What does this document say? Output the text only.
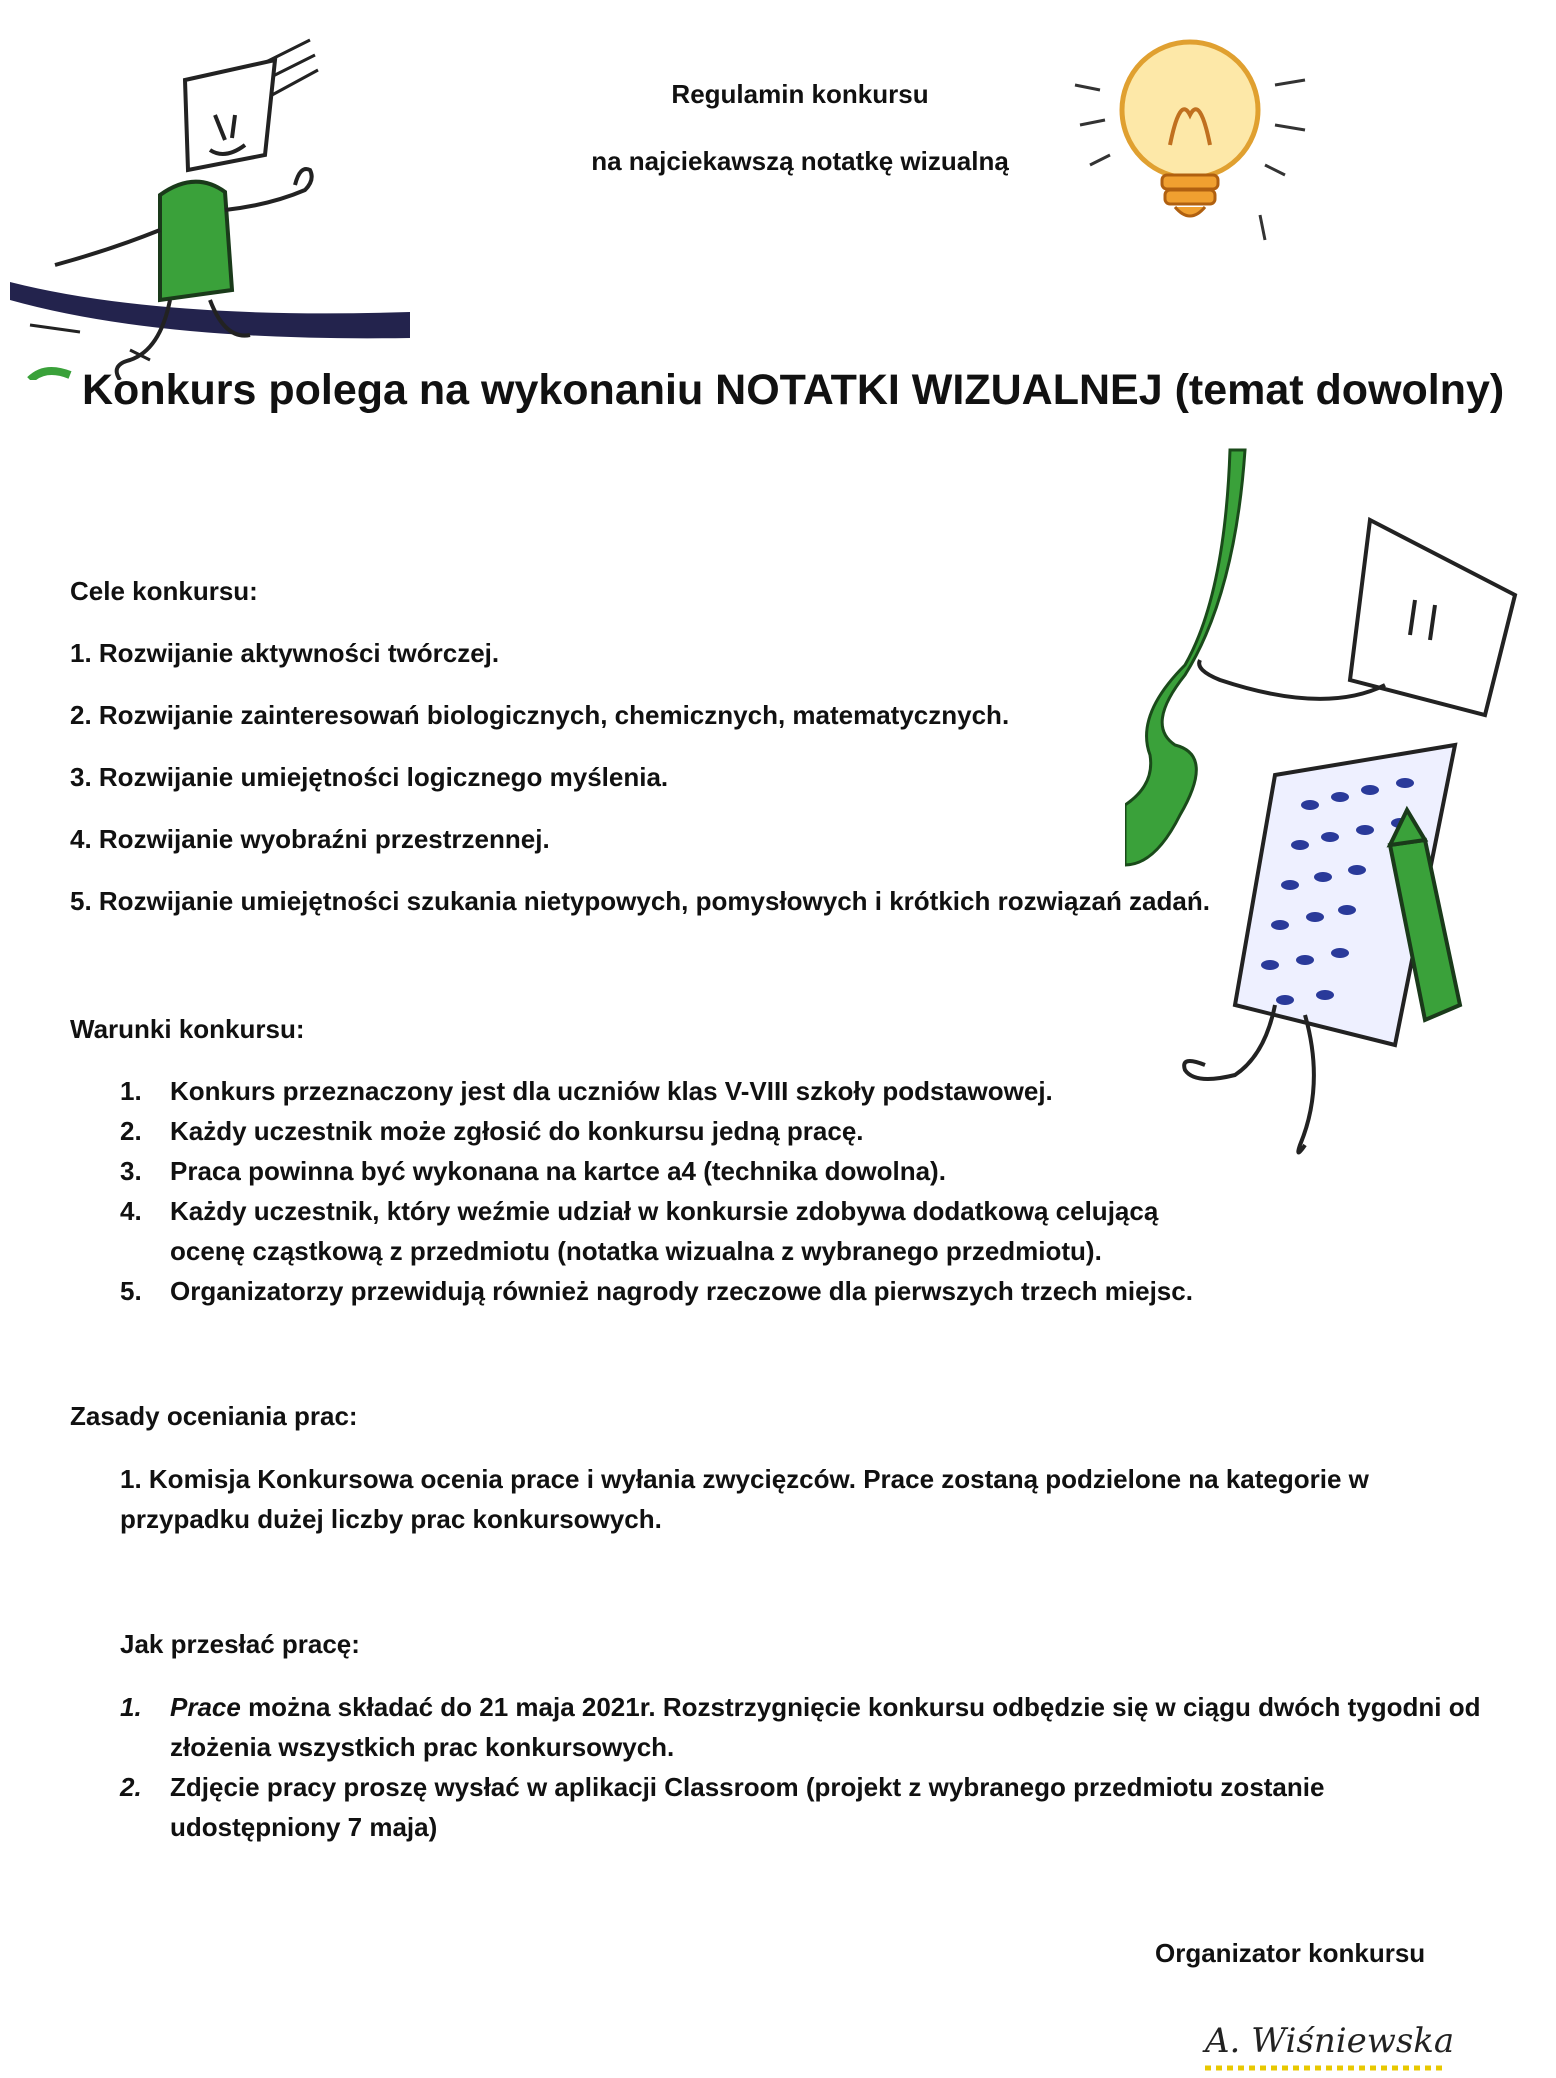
Regulamin konkursu
na najciekawszą notatkę wizualną
Konkurs polega na wykonaniu NOTATKI WIZUALNEJ (temat dowolny)
Cele konkursu:
1. Rozwijanie aktywności twórczej.
2. Rozwijanie zainteresowań biologicznych, chemicznych, matematycznych.
3. Rozwijanie umiejętności logicznego myślenia.
4. Rozwijanie wyobraźni przestrzennej.
5. Rozwijanie umiejętności szukania nietypowych, pomysłowych i krótkich rozwiązań zadań.
Warunki konkursu:
1. Konkurs przeznaczony jest dla uczniów klas V-VIII szkoły podstawowej.
2. Każdy uczestnik może zgłosić do konkursu jedną pracę.
3. Praca powinna być wykonana na kartce a4 (technika dowolna).
4. Każdy uczestnik, który weźmie udział w konkursie zdobywa dodatkową celującą
ocenę cząstkową z przedmiotu (notatka wizualna z wybranego przedmiotu).
5. Organizatorzy przewidują również nagrody rzeczowe dla pierwszych trzech miejsc.
Zasady oceniania prac:
1. Komisja Konkursowa ocenia prace i wyłania zwycięzców. Prace zostaną podzielone na kategorie w
przypadku dużej liczby prac konkursowych.
Jak przesłać pracę:
1. Prace można składać do 21 maja 2021r. Rozstrzygnięcie konkursu odbędzie się w ciągu dwóch tygodni od
złożenia wszystkich prac konkursowych.
2. Zdjęcie pracy proszę wysłać w aplikacji Classroom (projekt z wybranego przedmiotu zostanie
udostępniony 7 maja)
Organizator konkursu
A. Wiśniewska
